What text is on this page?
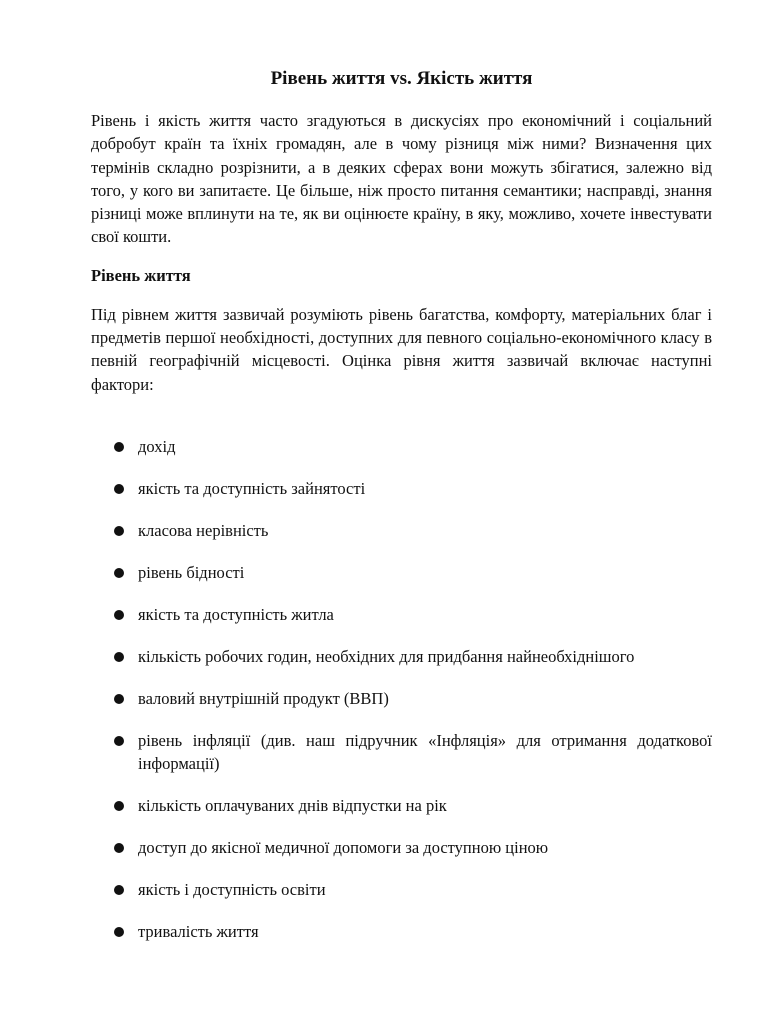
Рівень життя vs. Якість життя

Рівень і якість життя часто згадуються в дискусіях про економічний і соціальний добробут країн та їхніх громадян, але в чому різниця між ними? Визначення цих термінів складно розрізнити, а в деяких сферах вони можуть збігатися, залежно від того, у кого ви запитаєте. Це більше, ніж просто питання семантики; насправді, знання різниці може вплинути на те, як ви оцінюєте країну, в яку, можливо, хочете інвестувати свої кошти.

Рівень життя

Під рівнем життя зазвичай розуміють рівень багатства, комфорту, матеріальних благ і предметів першої необхідності, доступних для певного соціально-економічного класу в певній географічній місцевості. Оцінка рівня життя зазвичай включає наступні фактори:

дохід
якість та доступність зайнятості
класова нерівність
рівень бідності
якість та доступність житла
кількість робочих годин, необхідних для придбання найнеобхіднішого
валовий внутрішній продукт (ВВП)
рівень інфляції (див. наш підручник «Інфляція» для отримання додаткової інформації)
кількість оплачуваних днів відпустки на рік
доступ до якісної медичної допомоги за доступною ціною
якість і доступність освіти
тривалість життя
